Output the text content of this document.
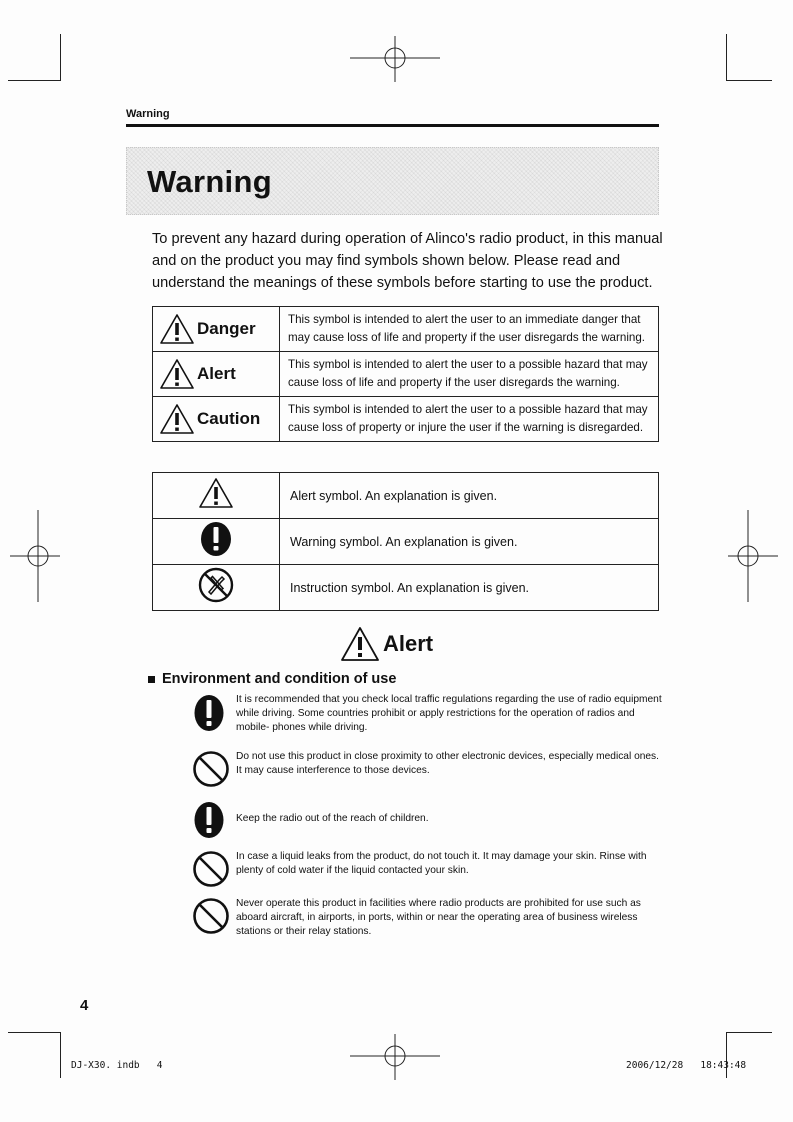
Warning
Warning
To prevent any hazard during operation of Alinco's radio product, in this manual and on the product you may find symbols shown below. Please read and understand the meanings of these symbols before starting to use the product.
Danger	This symbol is intended to alert the user to an immediate danger that may cause loss of life and property if the user disregards the warning.

Alert	This symbol is intended to alert the user to a possible hazard that may cause loss of life and property if the user disregards the warning.

Caution	This symbol is intended to alert the user to a possible hazard that may cause loss of property or injure the user if the warning is disregarded.
	Alert symbol. An explanation is given.
	Warning symbol. An explanation is given.
	Instruction symbol. An explanation is given.
Alert
Environment and condition of use
It is recommended that you check local traffic regulations regarding the use of radio equipment while driving. Some countries prohibit or apply restrictions for the operation of radios and mobile- phones while driving.
Do not use this product in close proximity to other electronic devices, especially medical ones. It may cause interference to those devices.
Keep the radio out of the reach of children.
In case a liquid leaks from the product, do not touch it. It may damage your skin. Rinse with plenty of cold water if the liquid contacted your skin.
Never operate this product in facilities where radio products are prohibited for use such as aboard aircraft, in airports, in ports, within or near the operating area of business wireless stations or their relay stations.
4
DJ-X30. indb   4	2006/12/28   18:43:48
